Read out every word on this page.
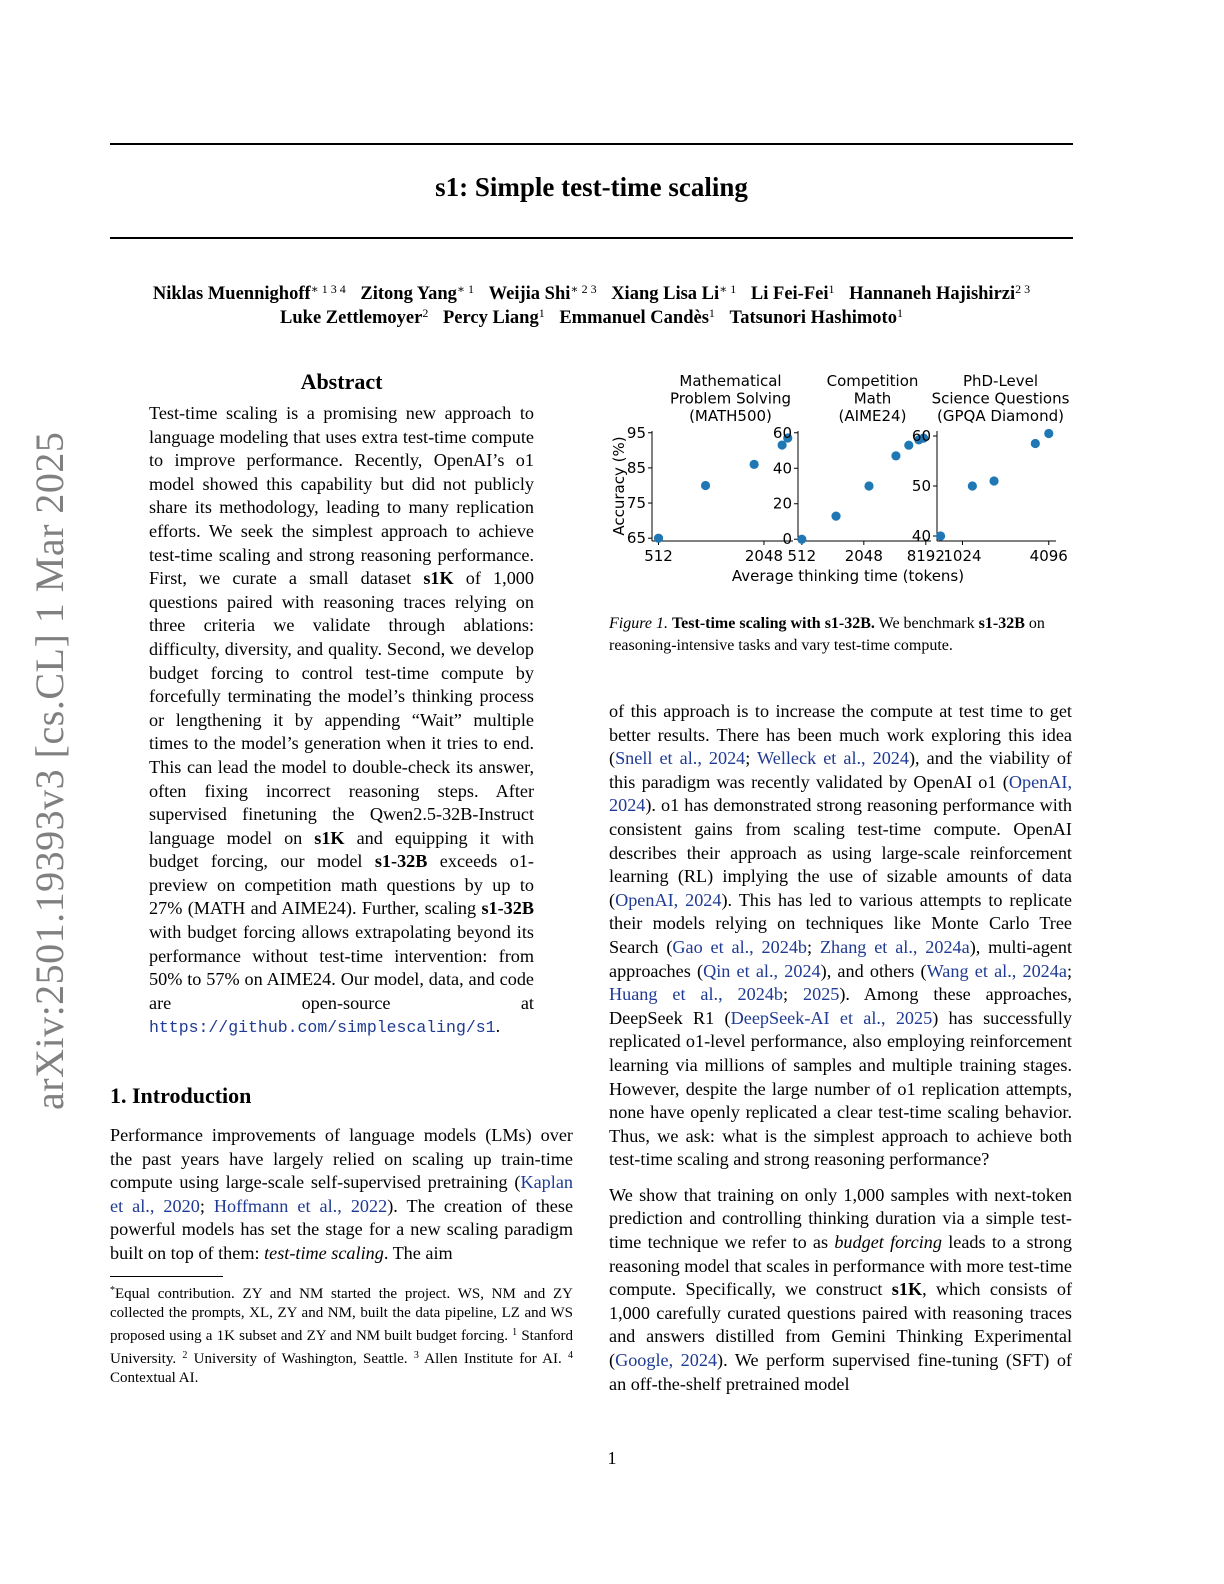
arXiv:2501.19393v3 [cs.CL] 1 Mar 2025
s1: Simple test-time scaling
Niklas Muennighoff$^{∗ 1 3 4}$ Zitong Yang$^{∗ 1}$ Weijia Shi$^{∗ 2 3}$ Xiang Lisa $Li^{∗ 1}$ Li Fei-Fei$^1$ Hannaneh Hajishirzi$^{2 3}$
Luke Zettlemoyer$^2$ Percy Liang$^1$ Emmanuel Candès$^1$ Tatsunori Hashimoto$^1$
Abstract

Test-time scaling is a promising new approach to language modeling that uses extra test-time compute to improve performance. Recently, OpenAI’s o1 model showed this capability but did not publicly share its methodology, leading to many replication efforts. We seek the simplest approach to achieve test-time scaling and strong reasoning performance. First, we curate a small dataset s1K of 1,000 questions paired with reasoning traces relying on three criteria we validate through ablations: difficulty, diversity, and quality. Second, we develop budget forcing to control test-time compute by forcefully terminating the model’s thinking process or lengthening it by appending “Wait” multiple times to the model’s generation when it tries to end. This can lead the model to double-check its answer, often fixing incorrect reasoning steps. After supervised finetuning the Qwen2.5-32B-Instruct language model on s1K and equipping it with budget forcing, our model s1-32B exceeds o1-preview on competition math questions by up to 27% (MATH and AIME24). Further, scaling s1-32B with budget forcing allows extrapolating beyond its performance without test-time intervention: from 50% to 57% on AIME24. Our model, data, and code are open-source at https://github.com/simplescaling/s1.

1. Introduction

Performance improvements of language models (LMs) over the past years have largely relied on scaling up train-time compute using large-scale self-supervised pretraining (Kaplan et al., 2020; Hoffmann et al., 2022). The creation of these powerful models has set the stage for a new scaling paradigm built on top of them: test-time scaling. The aim

*Equal contribution. ZY and NM started the project. WS, NM and ZY collected the prompts, XL, ZY and NM, built the data pipeline, LZ and WS proposed using a 1K subset and ZY and NM built budget forcing. $^1$ Stanford University. $^2$ University of Washington, Seattle. $^3$ Allen Institute for AI. $^4$ Contextual AI.
Mathematical
Problem Solving
(MATH500)
65
75
85
95
512	2048
Competition
Math
(AIME24)
0
20
40
60
512 2048 8192
PhD-Level
Science Questions
(GPQA Diamond)
40
50
60
1024	4096
Accuracy (%)
Average thinking time (tokens)
Figure 1. Test-time scaling with s1-32B. We benchmark s1-32B on reasoning-intensive tasks and vary test-time compute.

of this approach is to increase the compute at test time to get better results. There has been much work exploring this idea (Snell et al., 2024; Welleck et al., 2024), and the viability of this paradigm was recently validated by OpenAI o1 (OpenAI, 2024). o1 has demonstrated strong reasoning performance with consistent gains from scaling test-time compute. OpenAI describes their approach as using large-scale reinforcement learning (RL) implying the use of sizable amounts of data (OpenAI, 2024). This has led to various attempts to replicate their models relying on techniques like Monte Carlo Tree Search (Gao et al., 2024b; Zhang et al., 2024a), multi-agent approaches (Qin et al., 2024), and others (Wang et al., 2024a; Huang et al., 2024b; 2025). Among these approaches, DeepSeek R1 (DeepSeek-AI et al., 2025) has successfully replicated o1-level performance, also employing reinforcement learning via millions of samples and multiple training stages. However, despite the large number of o1 replication attempts, none have openly replicated a clear test-time scaling behavior. Thus, we ask: what is the simplest approach to achieve both test-time scaling and strong reasoning performance?

We show that training on only 1,000 samples with next-token prediction and controlling thinking duration via a simple test-time technique we refer to as budget forcing leads to a strong reasoning model that scales in performance with more test-time compute. Specifically, we construct s1K, which consists of 1,000 carefully curated questions paired with reasoning traces and answers distilled from Gemini Thinking Experimental (Google, 2024). We perform supervised fine-tuning (SFT) of an off-the-shelf pretrained model

1
